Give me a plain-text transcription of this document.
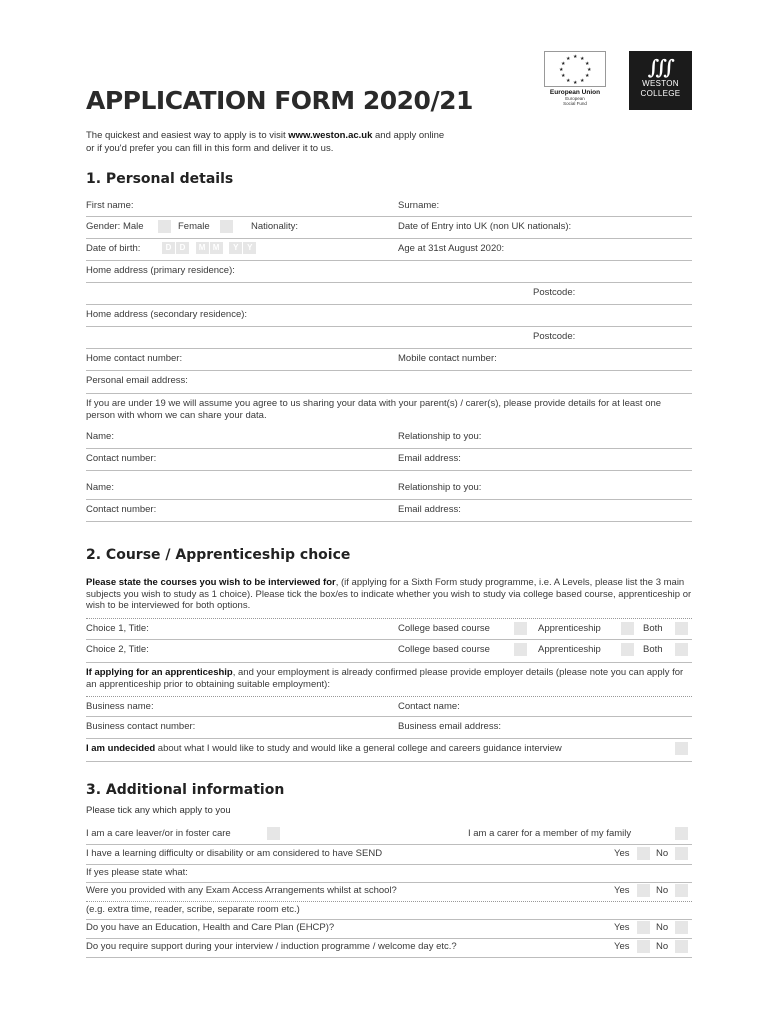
APPLICATION FORM 2020/21
★ ★
★
★
★
★
★
★
★
★
★
★
European Union
European
Social Fund
∭
WESTON
COLLEGE
The quickest and easiest way to apply is to visit www.weston.ac.uk and apply online
or if you'd prefer you can fill in this form and deliver it to us.
1. Personal details
First name:	Surname:
Gender: Male	Female	Nationality:	Date of Entry into UK (non UK nationals):
Date of birth:	D D M M Y Y	Age at 31st August 2020:
Home address (primary residence):
Postcode:
Home address (secondary residence):
Postcode:
Home contact number:	Mobile contact number:
Personal email address:
If you are under 19 we will assume you agree to us sharing your data with your parent(s) / carer(s), please provide details for at least one person with whom we can share your data.
Name:	Relationship to you:
Contact number:	Email address:
Name:	Relationship to you:
Contact number:	Email address:
2. Course / Apprenticeship choice
Please state the courses you wish to be interviewed for, (if applying for a Sixth Form study programme, i.e. A Levels, please list the 3 main subjects you wish to study as 1 choice). Please tick the box/es to indicate whether you wish to study via college based course, apprenticeship or wish to be interviewed for both options.
Choice 1, Title:	College based course	Apprenticeship	Both
Choice 2, Title:	College based course	Apprenticeship	Both
If applying for an apprenticeship, and your employment is already confirmed please provide employer details (please note you can apply for an apprenticeship prior to obtaining suitable employment):
Business name:	Contact name:
Business contact number:	Business email address:
I am undecided about what I would like to study and would like a general college and careers guidance interview
3. Additional information
Please tick any which apply to you
I am a care leaver/or in foster care	I am a carer for a member of my family
I have a learning difficulty or disability or am considered to have SEND	Yes	No
If yes please state what:
Were you provided with any Exam Access Arrangements whilst at school?	Yes	No
(e.g. extra time, reader, scribe, separate room etc.)
Do you have an Education, Health and Care Plan (EHCP)?	Yes	No
Do you require support during your interview / induction programme / welcome day etc.?	Yes	No
